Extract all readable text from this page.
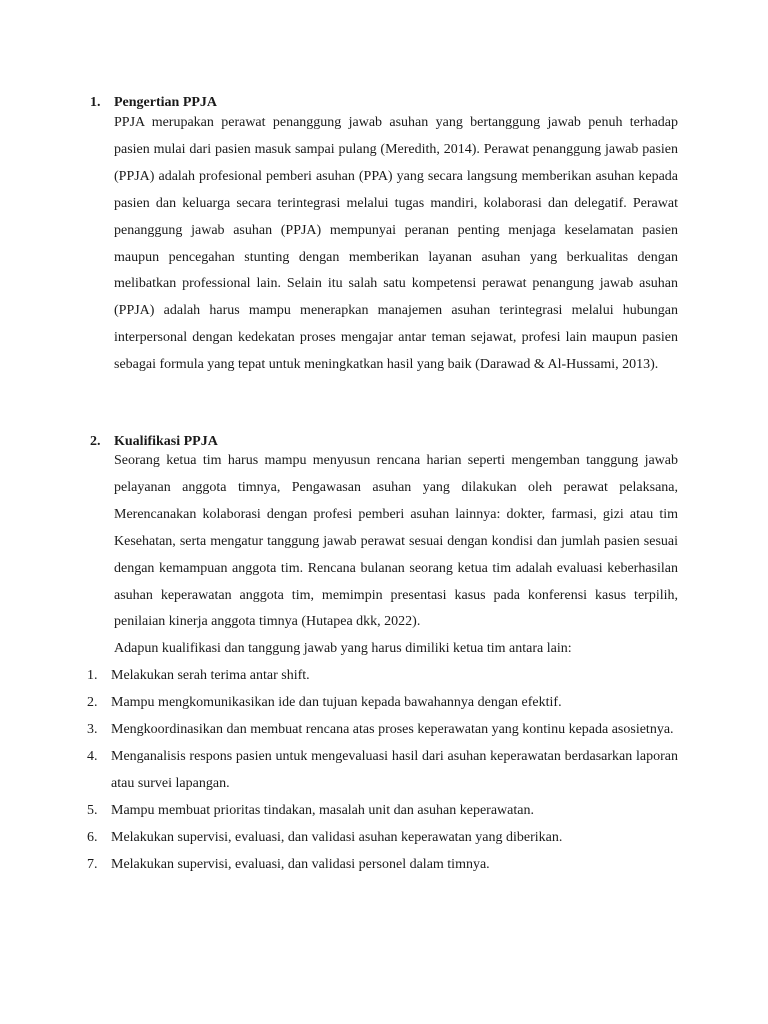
1. Pengertian PPJA
PPJA merupakan perawat penanggung jawab asuhan yang bertanggung jawab penuh terhadap pasien mulai dari pasien masuk sampai pulang (Meredith, 2014). Perawat penanggung jawab pasien (PPJA) adalah profesional pemberi asuhan (PPA) yang secara langsung memberikan asuhan kepada pasien dan keluarga secara terintegrasi melalui tugas mandiri, kolaborasi dan delegatif. Perawat penanggung jawab asuhan (PPJA) mempunyai peranan penting menjaga keselamatan pasien maupun pencegahan stunting dengan memberikan layanan asuhan yang berkualitas dengan melibatkan professional lain. Selain itu salah satu kompetensi perawat penangung jawab asuhan (PPJA) adalah harus mampu menerapkan manajemen asuhan terintegrasi melalui hubungan interpersonal dengan kedekatan proses mengajar antar teman sejawat, profesi lain maupun pasien sebagai formula yang tepat untuk meningkatkan hasil yang baik (Darawad & Al-Hussami, 2013).
2. Kualifikasi PPJA
Seorang ketua tim harus mampu menyusun rencana harian seperti mengemban tanggung jawab pelayanan anggota timnya, Pengawasan asuhan yang dilakukan oleh perawat pelaksana, Merencanakan kolaborasi dengan profesi pemberi asuhan lainnya: dokter, farmasi, gizi atau tim Kesehatan, serta mengatur tanggung jawab perawat sesuai dengan kondisi dan jumlah pasien sesuai dengan kemampuan anggota tim. Rencana bulanan seorang ketua tim adalah evaluasi keberhasilan asuhan keperawatan anggota tim, memimpin presentasi kasus pada konferensi kasus terpilih, penilaian kinerja anggota timnya (Hutapea dkk, 2022).
Adapun kualifikasi dan tanggung jawab yang harus dimiliki ketua tim antara lain:
1. Melakukan serah terima antar shift.
2. Mampu mengkomunikasikan ide dan tujuan kepada bawahannya dengan efektif.
3. Mengkoordinasikan dan membuat rencana atas proses keperawatan yang kontinu kepada asosietnya.
4. Menganalisis respons pasien untuk mengevaluasi hasil dari asuhan keperawatan berdasarkan laporan atau survei lapangan.
5. Mampu membuat prioritas tindakan, masalah unit dan asuhan keperawatan.
6. Melakukan supervisi, evaluasi, dan validasi asuhan keperawatan yang diberikan.
7. Melakukan supervisi, evaluasi, dan validasi personel dalam timnya.
